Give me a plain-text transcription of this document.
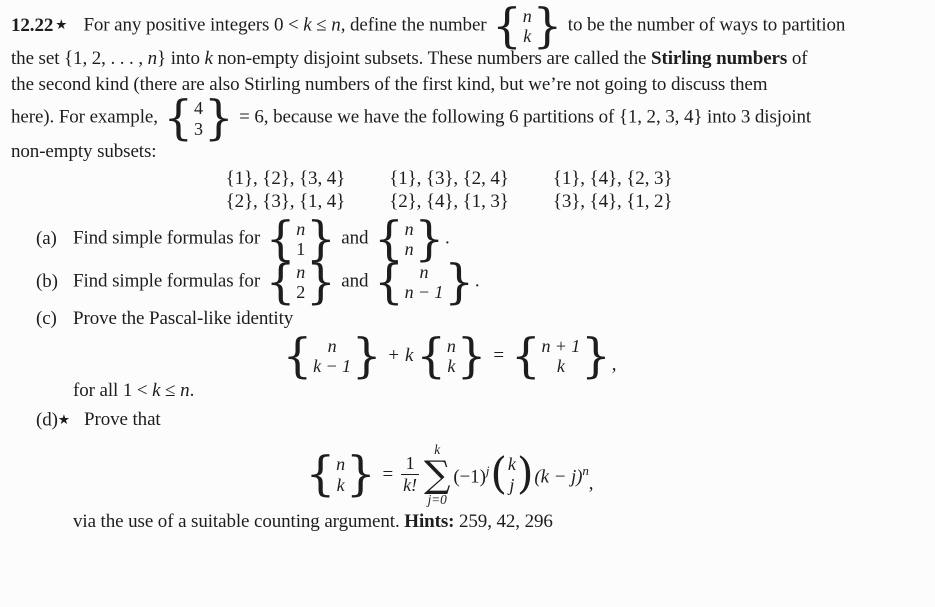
12.22 ★ For any positive integers 0 < k ≤ n, define the number { n
k } to be the number of ways to partition
the set {1, 2, . . . , n} into k non-empty disjoint subsets. These numbers are called the Stirling numbers of
the second kind (there are also Stirling numbers of the first kind, but we’re not going to discuss them
here). For example, { 4
3 } = 6, because we have the following 6 partitions of {1, 2, 3, 4} into 3 disjoint
non-empty subsets:
{1}, {2}, {3, 4}
{2}, {3}, {1, 4}
{1}, {3}, {2, 4}
{2}, {4}, {1, 3}
{1}, {4}, {2, 3}
{3}, {4}, {1, 2}
(a) Find simple formulas for { n
1 } and { n
n } .
(b) Find simple formulas for { n
2 } and { n
n − 1 } .
(c) Prove the Pascal-like identity
{ n
k − 1 } + k { n
k } = { n + 1
k } ,
for all 1 < k ≤ n.
(d)★ Prove that
{ n
k } = $\frac{1}{k!}$
k
∑
j=0
$(-1)^j$ ( k
j ) $(k - j)^n$,
via the use of a suitable counting argument. Hints: 259, 42, 296
